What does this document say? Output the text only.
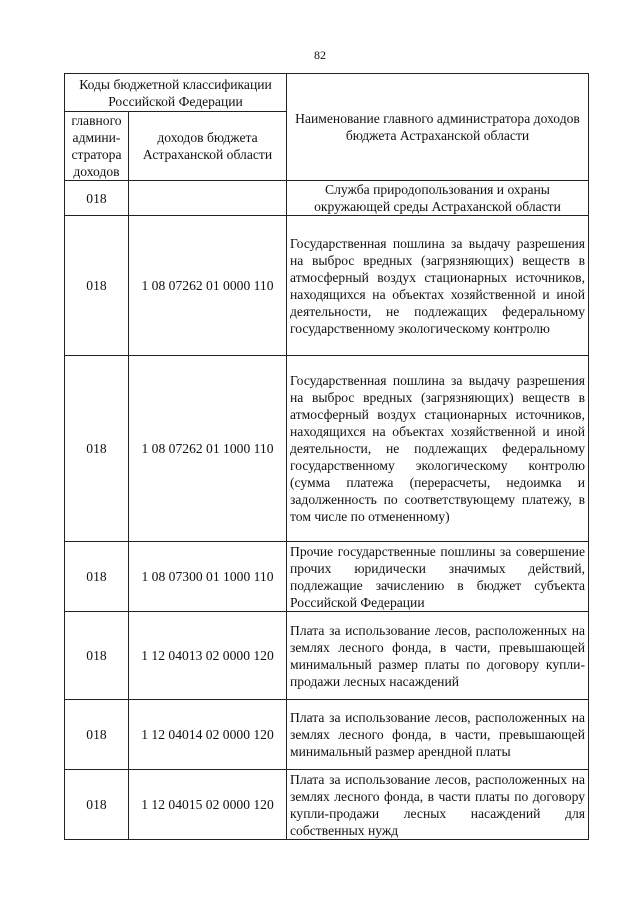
82
Коды бюджетной классификации Российской Федерации		Наименование главного администратора доходов бюджета Астраханской области
главного админи-стратора доходов	доходов бюджета Астраханской области	
018		Служба природопользования и охраны окружающей среды Астраханской области
018	1 08 07262 01 0000 110	Государственная пошлина за выдачу разрешения на выброс вредных (загрязняющих) веществ в атмосферный воздух стационарных источников, находящихся на объектах хозяйственной и иной деятельности, не подлежащих федеральному государственному экологическому контролю
018	1 08 07262 01 1000 110	Государственная пошлина за выдачу разрешения на выброс вредных (загрязняющих) веществ в атмосферный воздух стационарных источников, находящихся на объектах хозяйственной и иной деятельности, не подлежащих федеральному государственному экологическому контролю (сумма платежа (перерасчеты, недоимка и задолженность по соответствующему платежу, в том числе по отмененному)
018	1 08 07300 01 1000 110	Прочие государственные пошлины за совершение прочих юридически значимых действий, подлежащие зачислению в бюджет субъекта Российской Федерации
018	1 12 04013 02 0000 120	Плата за использование лесов, расположенных на землях лесного фонда, в части, превышающей минимальный размер платы по договору купли-продажи лесных насаждений
018	1 12 04014 02 0000 120	Плата за использование лесов, расположенных на землях лесного фонда, в части, превышающей минимальный размер арендной платы
018	1 12 04015 02 0000 120	Плата за использование лесов, расположенных на землях лесного фонда, в части платы по договору купли-продажи лесных насаждений для собственных нужд
